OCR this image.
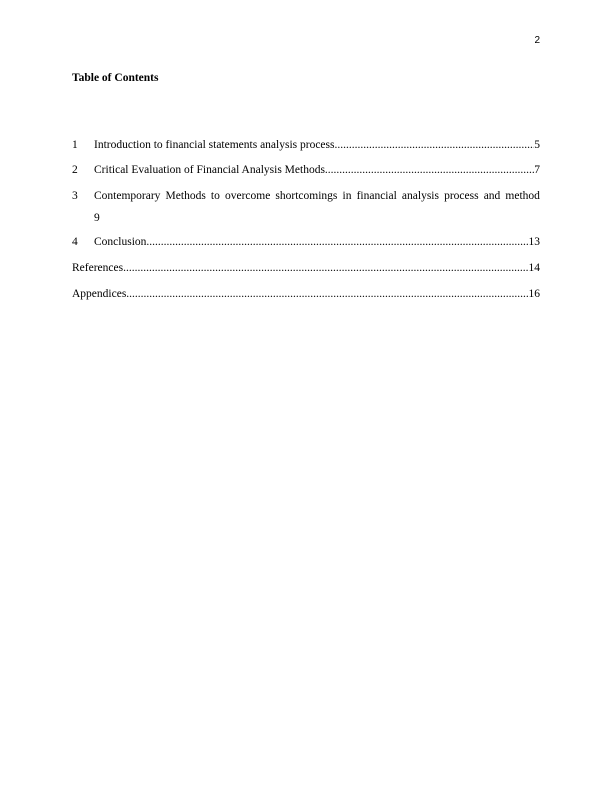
2
Table of Contents
1	Introduction to financial statements analysis process .....	5
2	Critical Evaluation of Financial Analysis Methods .....	7
3	Contemporary Methods to overcome shortcomings in financial analysis process and method
9
4	Conclusion .....	13
References .....	14
Appendices .....	16
